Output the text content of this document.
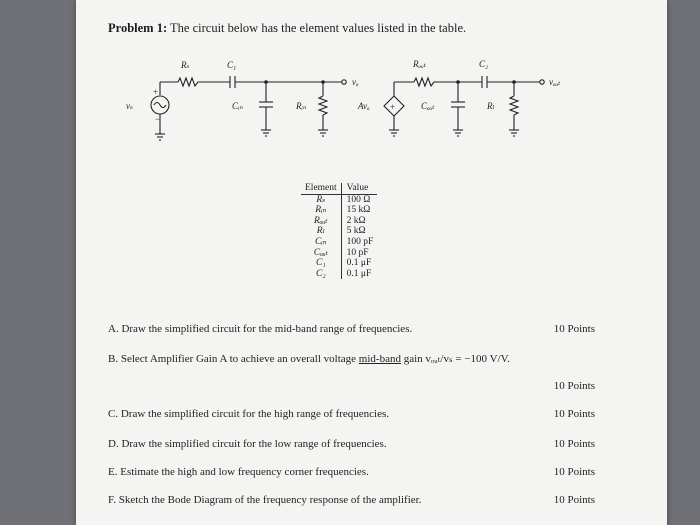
Problem 1: The circuit below has the element values listed in the table.
Rₛ	C₁
Cᵢₙ	Rᵢₙ
vₐ
Avₐ
Rₒᵤₜ
Cₒᵤₜ
C₂
Rₗ
vₛ
vₒᵤₜ
+
−
+
Element	Value
Rₛ	100 Ω
Rᵢₙ	15 kΩ
Rₒᵤₜ	2 kΩ
Rₗ	5 kΩ
Cᵢₙ	100 pF
Cₒᵤₜ	10 pF
C₁	0.1 μF
C₂	0.1 μF
A. Draw the simplified circuit for the mid-band range of frequencies.	10 Points
B. Select Amplifier Gain A to achieve an overall voltage mid-band gain vₒᵤₜ/vₛ = −100 V/V.
10 Points
C. Draw the simplified circuit for the high range of frequencies.	10 Points
D. Draw the simplified circuit for the low range of frequencies.	10 Points
E. Estimate the high and low frequency corner frequencies.	10 Points
F. Sketch the Bode Diagram of the frequency response of the amplifier.	10 Points
